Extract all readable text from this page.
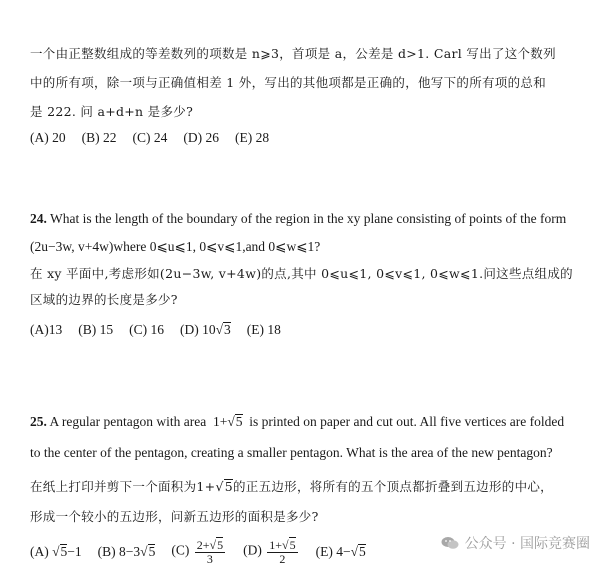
一个由正整数组成的等差数列的项数是 n⩾3，首项是 a，公差是 d>1. Carl 写出了这个数列
中的所有项，除一项与正确值相差 1 外，写出的其他项都是正确的，他写下的所有项的总和
是 222. 问 a+d+n 是多少?
(A) 20 (B) 22 (C) 24 (D) 26 (E) 28
24. What is the length of the boundary of the region in the xy plane consisting of points of the form
(2u−3w, v+4w)where 0⩽u⩽1, 0⩽v⩽1,and 0⩽w⩽1?
在 xy 平面中,考虑形如(2u−3w, v+4w)的点,其中 0⩽u⩽1, 0⩽v⩽1, 0⩽w⩽1.问这些点组成的
区域的边界的长度是多少?
(A)13 (B) 15 (C) 16 (D) 10√3 (E) 18
25. A regular pentagon with area 1+√5 is printed on paper and cut out. All five vertices are folded
to the center of the pentagon, creating a smaller pentagon. What is the area of the new pentagon?
在纸上打印并剪下一个面积为1+√5的正五边形，将所有的五个顶点都折叠到五边形的中心，
形成一个较小的五边形，问新五边形的面积是多少?
(A) √5−1 (B) 8−3√5 $(C) \frac{2+√5}{3} (D) \frac{1+√5}{2} (E)$ 4−√5	公众号 · 国际竞赛圈
